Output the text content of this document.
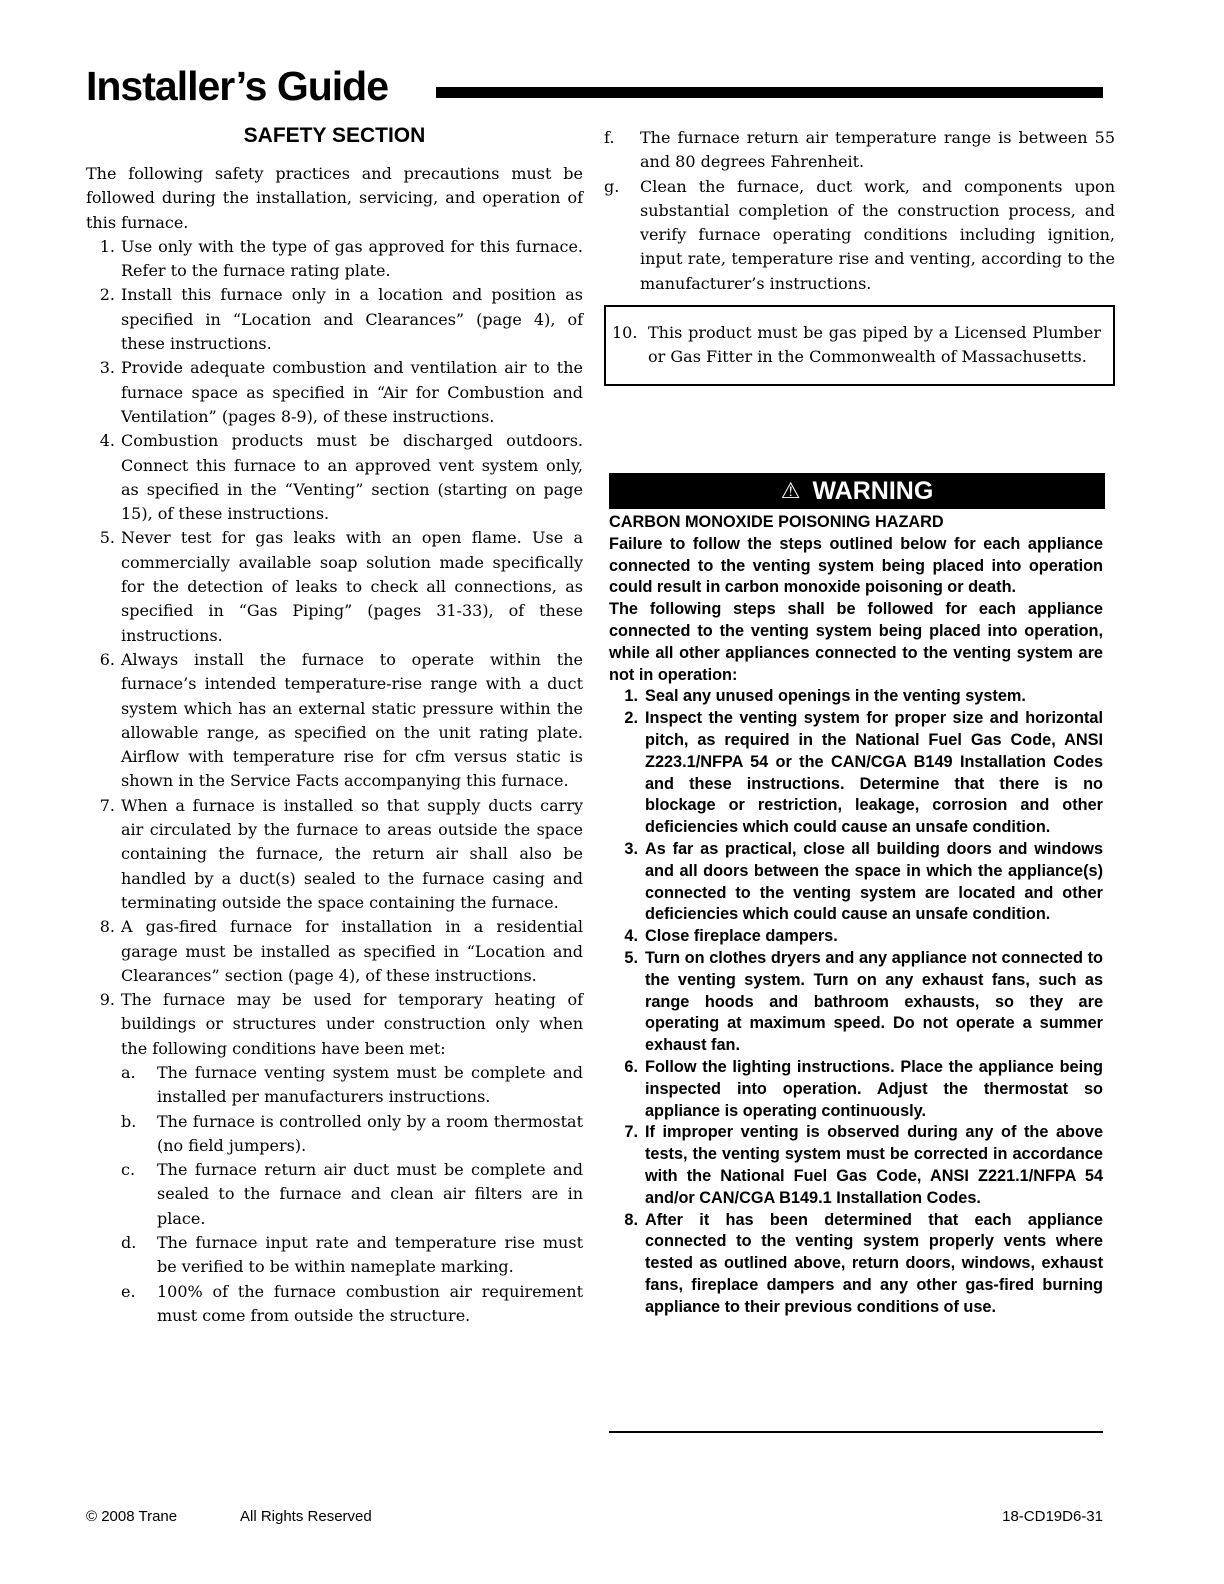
Installer’s Guide
SAFETY SECTION

The following safety practices and precautions must be followed during the installation, servicing, and operation of this furnace.

1. Use only with the type of gas approved for this furnace. Refer to the furnace rating plate.
2. Install this furnace only in a location and position as specified in “Location and Clearances” (page 4), of these instructions.
3. Provide adequate combustion and ventilation air to the furnace space as specified in “Air for Combustion and Ventilation” (pages 8-9), of these instructions.
4. Combustion products must be discharged outdoors. Connect this furnace to an approved vent system only, as specified in the “Venting” section (starting on page 15), of these instructions.
5. Never test for gas leaks with an open flame. Use a commercially available soap solution made specifically for the detection of leaks to check all connections, as specified in “Gas Piping” (pages 31-33), of these instructions.
6. Always install the furnace to operate within the furnace’s intended temperature-rise range with a duct system which has an external static pressure within the allowable range, as specified on the unit rating plate. Airflow with temperature rise for cfm versus static is shown in the Service Facts accompanying this furnace.
7. When a furnace is installed so that supply ducts carry air circulated by the furnace to areas outside the space containing the furnace, the return air shall also be handled by a duct(s) sealed to the furnace casing and terminating outside the space containing the furnace.
8. A gas-fired furnace for installation in a residential garage must be installed as specified in “Location and Clearances” section (page 4), of these instructions.
9. The furnace may be used for temporary heating of buildings or structures under construction only when the following conditions have been met:
a.	The furnace venting system must be complete and installed per manufacturers instructions.
b.	The furnace is controlled only by a room thermostat (no field jumpers).
c.	The furnace return air duct must be complete and sealed to the furnace and clean air filters are in place.
d.	The furnace input rate and temperature rise must be verified to be within nameplate marking.
e.	100% of the furnace combustion air requirement must come from outside the structure.
f.	The furnace return air temperature range is between 55 and 80 degrees Fahrenheit.
g.	Clean the furnace, duct work, and components upon substantial completion of the construction process, and verify furnace operating conditions including ignition, input rate, temperature rise and venting, according to the manufacturer’s instructions.
10. This product must be gas piped by a Licensed Plumber or Gas Fitter in the Commonwealth of Massachusetts.
⚠ WARNING

CARBON MONOXIDE POISONING HAZARD

Failure to follow the steps outlined below for each appliance connected to the venting system being placed into operation could result in carbon monoxide poisoning or death.

The following steps shall be followed for each appliance connected to the venting system being placed into operation, while all other appliances connected to the venting system are not in operation:

1. Seal any unused openings in the venting system.
2. Inspect the venting system for proper size and horizontal pitch, as required in the National Fuel Gas Code, ANSI Z223.1/NFPA 54 or the CAN/CGA B149 Installation Codes and these instructions. Determine that there is no blockage or restriction, leakage, corrosion and other deficiencies which could cause an unsafe condition.
3. As far as practical, close all building doors and windows and all doors between the space in which the appliance(s) connected to the venting system are located and other deficiencies which could cause an unsafe condition.
4. Close fireplace dampers.
5. Turn on clothes dryers and any appliance not connected to the venting system. Turn on any exhaust fans, such as range hoods and bathroom exhausts, so they are operating at maximum speed. Do not operate a summer exhaust fan.
6. Follow the lighting instructions. Place the appliance being inspected into operation. Adjust the thermostat so appliance is operating continuously.
7. If improper venting is observed during any of the above tests, the venting system must be corrected in accordance with the National Fuel Gas Code, ANSI Z221.1/NFPA 54 and/or CAN/CGA B149.1 Installation Codes.
8. After it has been determined that each appliance connected to the venting system properly vents where tested as outlined above, return doors, windows, exhaust fans, fireplace dampers and any other gas-fired burning appliance to their previous conditions of use.
© 2008 Trane	All Rights Reserved	18-CD19D6-31
